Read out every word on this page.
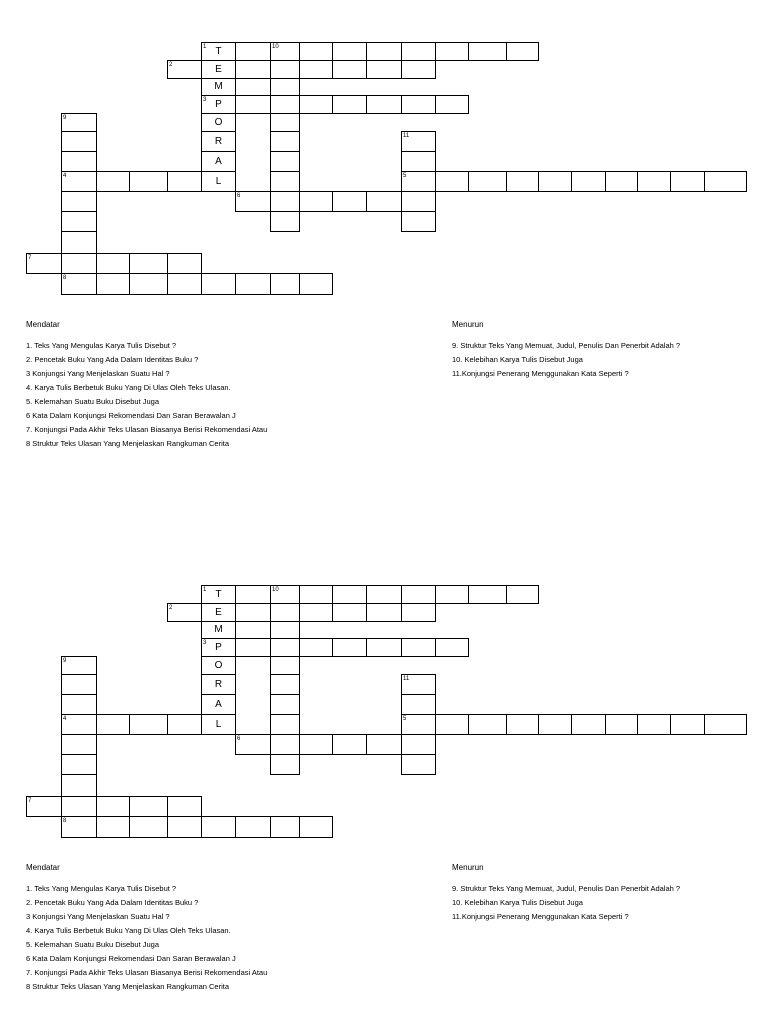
1 T	10
2	E
M
3 P
9	O
R	11
A
4	L	5
6
7
8
Mendatar
1. Teks Yang Mengulas Karya Tulis Disebut ?
2. Pencetak Buku Yang Ada Dalam Identitas Buku ?
3 Konjungsi Yang Menjelaskan Suatu Hal ?
4. Karya Tulis Berbetuk Buku Yang Di Ulas Oleh Teks Ulasan.
5. Kelemahan Suatu Buku Disebut Juga
6 Kata Dalam Konjungsi Rekomendasi Dan Saran Berawalan J
7. Konjungsi Pada Akhir Teks Ulasan Biasanya Berisi Rekomendasi Atau
8 Struktur Teks Ulasan Yang Menjelaskan Rangkuman Cerita
Menurun
9. Struktur Teks Yang Memuat, Judul, Penulis Dan Penerbit Adalah ?
10. Kelebihan Karya Tulis Disebut Juga
11.Konjungsi Penerang Menggunakan Kata Seperti ?
1 T	10
2	E
M
3 P
9	O
R	11
A
4	L	5
6
7
8
Mendatar
1. Teks Yang Mengulas Karya Tulis Disebut ?
2. Pencetak Buku Yang Ada Dalam Identitas Buku ?
3 Konjungsi Yang Menjelaskan Suatu Hal ?
4. Karya Tulis Berbetuk Buku Yang Di Ulas Oleh Teks Ulasan.
5. Kelemahan Suatu Buku Disebut Juga
6 Kata Dalam Konjungsi Rekomendasi Dan Saran Berawalan J
7. Konjungsi Pada Akhir Teks Ulasan Biasanya Berisi Rekomendasi Atau
8 Struktur Teks Ulasan Yang Menjelaskan Rangkuman Cerita
Menurun
9. Struktur Teks Yang Memuat, Judul, Penulis Dan Penerbit Adalah ?
10. Kelebihan Karya Tulis Disebut Juga
11.Konjungsi Penerang Menggunakan Kata Seperti ?
